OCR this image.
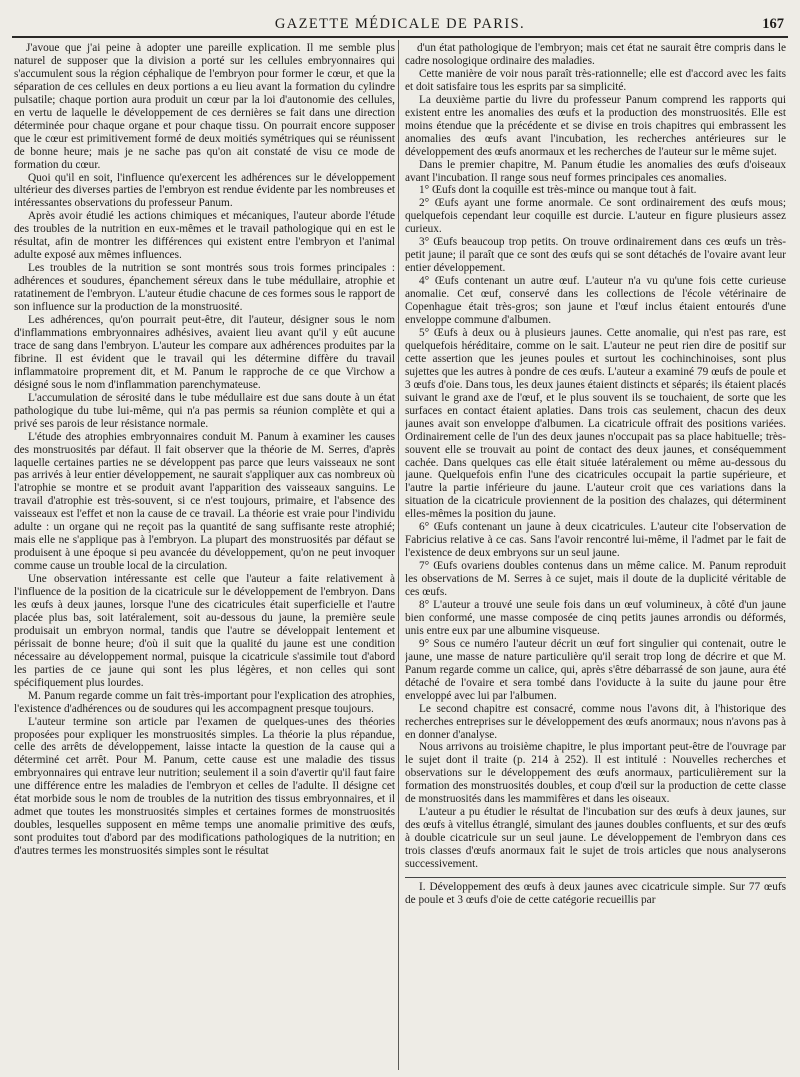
GAZETTE MÉDICALE DE PARIS.	167

J'avoue que j'ai peine à adopter une pareille explication. Il me semble plus naturel de supposer que la division a porté sur les cellules embryonnaires qui s'accumulent sous la région céphalique de l'embryon pour former le cœur, et que la séparation de ces cellules en deux portions a eu lieu avant la formation du cylindre pulsatile; chaque portion aura produit un cœur par la loi d'autonomie des cellules, en vertu de laquelle le développement de ces dernières se fait dans une direction déterminée pour chaque organe et pour chaque tissu. On pourrait encore supposer que le cœur est primitivement formé de deux moitiés symétriques qui se réunissent de bonne heure; mais je ne sache pas qu'on ait constaté de visu ce mode de formation du cœur.

Quoi qu'il en soit, l'influence qu'exercent les adhérences sur le développement ultérieur des diverses parties de l'embryon est rendue évidente par les nombreuses et intéressantes observations du professeur Panum.

Après avoir étudié les actions chimiques et mécaniques, l'auteur aborde l'étude des troubles de la nutrition en eux-mêmes et le travail pathologique qui en est le résultat, afin de montrer les différences qui existent entre l'embryon et l'animal adulte exposé aux mêmes influences.

Les troubles de la nutrition se sont montrés sous trois formes principales : adhérences et soudures, épanchement séreux dans le tube médullaire, atrophie et ratatinement de l'embryon. L'auteur étudie chacune de ces formes sous le rapport de son influence sur la production de la monstruosité.

Les adhérences, qu'on pourrait peut-être, dit l'auteur, désigner sous le nom d'inflammations embryonnaires adhésives, avaient lieu avant qu'il y eût aucune trace de sang dans l'embryon. L'auteur les compare aux adhérences produites par la fibrine. Il est évident que le travail qui les détermine diffère du travail inflammatoire proprement dit, et M. Panum le rapproche de ce que Virchow a désigné sous le nom d'inflammation parenchymateuse.

L'accumulation de sérosité dans le tube médullaire est due sans doute à un état pathologique du tube lui-même, qui n'a pas permis sa réunion complète et qui a privé ses parois de leur résistance normale.

L'étude des atrophies embryonnaires conduit M. Panum à examiner les causes des monstruosités par défaut. Il fait observer que la théorie de M. Serres, d'après laquelle certaines parties ne se développent pas parce que leurs vaisseaux ne sont pas arrivés à leur entier développement, ne saurait s'appliquer aux cas nombreux où l'atrophie se montre et se produit avant l'apparition des vaisseaux sanguins. Le travail d'atrophie est très-souvent, si ce n'est toujours, primaire, et l'absence des vaisseaux est l'effet et non la cause de ce travail. La théorie est vraie pour l'individu adulte : un organe qui ne reçoit pas la quantité de sang suffisante reste atrophié; mais elle ne s'applique pas à l'embryon. La plupart des monstruosités par défaut se produisent à une époque si peu avancée du développement, qu'on ne peut invoquer comme cause un trouble local de la circulation.

Une observation intéressante est celle que l'auteur a faite relativement à l'influence de la position de la cicatricule sur le développement de l'embryon. Dans les œufs à deux jaunes, lorsque l'une des cicatricules était superficielle et l'autre placée plus bas, soit latéralement, soit au-dessous du jaune, la première seule produisait un embryon normal, tandis que l'autre se développait lentement et périssait de bonne heure; d'où il suit que la qualité du jaune est une condition nécessaire au développement normal, puisque la cicatricule s'assimile tout d'abord les parties de ce jaune qui sont les plus légères, et non celles qui sont spécifiquement plus lourdes.

M. Panum regarde comme un fait très-important pour l'explication des atrophies, l'existence d'adhérences ou de soudures qui les accompagnent presque toujours.

L'auteur termine son article par l'examen de quelques-unes des théories proposées pour expliquer les monstruosités simples. La théorie la plus répandue, celle des arrêts de développement, laisse intacte la question de la cause qui a déterminé cet arrêt. Pour M. Panum, cette cause est une maladie des tissus embryonnaires qui entrave leur nutrition; seulement il a soin d'avertir qu'il faut faire une différence entre les maladies de l'embryon et celles de l'adulte. Il désigne cet état morbide sous le nom de troubles de la nutrition des tissus embryonnaires, et il admet que toutes les monstruosités simples et certaines formes de monstruosités doubles, lesquelles supposent en même temps une anomalie primitive des œufs, sont produites tout d'abord par des modifications pathologiques de la nutrition; en d'autres termes les monstruosités simples sont le résultat

d'un état pathologique de l'embryon; mais cet état ne saurait être compris dans le cadre nosologique ordinaire des maladies.

Cette manière de voir nous paraît très-rationnelle; elle est d'accord avec les faits et doit satisfaire tous les esprits par sa simplicité.

La deuxième partie du livre du professeur Panum comprend les rapports qui existent entre les anomalies des œufs et la production des monstruosités. Elle est moins étendue que la précédente et se divise en trois chapitres qui embrassent les anomalies des œufs avant l'incubation, les recherches antérieures sur le développement des œufs anormaux et les recherches de l'auteur sur le même sujet.

Dans le premier chapitre, M. Panum étudie les anomalies des œufs d'oiseaux avant l'incubation. Il range sous neuf formes principales ces anomalies.

1° Œufs dont la coquille est très-mince ou manque tout à fait.

2° Œufs ayant une forme anormale. Ce sont ordinairement des œufs mous; quelquefois cependant leur coquille est durcie. L'auteur en figure plusieurs assez curieux.

3° Œufs beaucoup trop petits. On trouve ordinairement dans ces œufs un très-petit jaune; il paraît que ce sont des œufs qui se sont détachés de l'ovaire avant leur entier développement.

4° Œufs contenant un autre œuf. L'auteur n'a vu qu'une fois cette curieuse anomalie. Cet œuf, conservé dans les collections de l'école vétérinaire de Copenhague était très-gros; son jaune et l'œuf inclus étaient entourés d'une enveloppe commune d'albumen.

5° Œufs à deux ou à plusieurs jaunes. Cette anomalie, qui n'est pas rare, est quelquefois héréditaire, comme on le sait. L'auteur ne peut rien dire de positif sur cette assertion que les jeunes poules et surtout les cochinchinoises, sont plus sujettes que les autres à pondre de ces œufs. L'auteur a examiné 79 œufs de poule et 3 œufs d'oie. Dans tous, les deux jaunes étaient distincts et séparés; ils étaient placés suivant le grand axe de l'œuf, et le plus souvent ils se touchaient, de sorte que les surfaces en contact étaient aplaties. Dans trois cas seulement, chacun des deux jaunes avait son enveloppe d'albumen. La cicatricule offrait des positions variées. Ordinairement celle de l'un des deux jaunes n'occupait pas sa place habituelle; très-souvent elle se trouvait au point de contact des deux jaunes, et conséquemment cachée. Dans quelques cas elle était située latéralement ou même au-dessous du jaune. Quelquefois enfin l'une des cicatricules occupait la partie supérieure, et l'autre la partie inférieure du jaune. L'auteur croit que ces variations dans la situation de la cicatricule proviennent de la position des chalazes, qui déterminent elles-mêmes la position du jaune.

6° Œufs contenant un jaune à deux cicatricules. L'auteur cite l'observation de Fabricius relative à ce cas. Sans l'avoir rencontré lui-même, il l'admet par le fait de l'existence de deux embryons sur un seul jaune.

7° Œufs ovariens doubles contenus dans un même calice. M. Panum reproduit les observations de M. Serres à ce sujet, mais il doute de la duplicité véritable de ces œufs.

8° L'auteur a trouvé une seule fois dans un œuf volumineux, à côté d'un jaune bien conformé, une masse composée de cinq petits jaunes arrondis ou déformés, unis entre eux par une albumine visqueuse.

9° Sous ce numéro l'auteur décrit un œuf fort singulier qui contenait, outre le jaune, une masse de nature particulière qu'il serait trop long de décrire et que M. Panum regarde comme un calice, qui, après s'être débarrassé de son jaune, aura été détaché de l'ovaire et sera tombé dans l'oviducte à la suite du jaune pour être enveloppé avec lui par l'albumen.

Le second chapitre est consacré, comme nous l'avons dit, à l'historique des recherches entreprises sur le développement des œufs anormaux; nous n'avons pas à en donner d'analyse.

Nous arrivons au troisième chapitre, le plus important peut-être de l'ouvrage par le sujet dont il traite (p. 214 à 252). Il est intitulé : Nouvelles recherches et observations sur le développement des œufs anormaux, particulièrement sur la formation des monstruosités doubles, et coup d'œil sur la production de cette classe de monstruosités dans les mammifères et dans les oiseaux.

L'auteur a pu étudier le résultat de l'incubation sur des œufs à deux jaunes, sur des œufs à vitellus étranglé, simulant des jaunes doubles confluents, et sur des œufs à double cicatricule sur un seul jaune. Le développement de l'embryon dans ces trois classes d'œufs anormaux fait le sujet de trois articles que nous analyserons successivement.

I. Développement des œufs à deux jaunes avec cicatricule simple. Sur 77 œufs de poule et 3 œufs d'oie de cette catégorie recueillis par
